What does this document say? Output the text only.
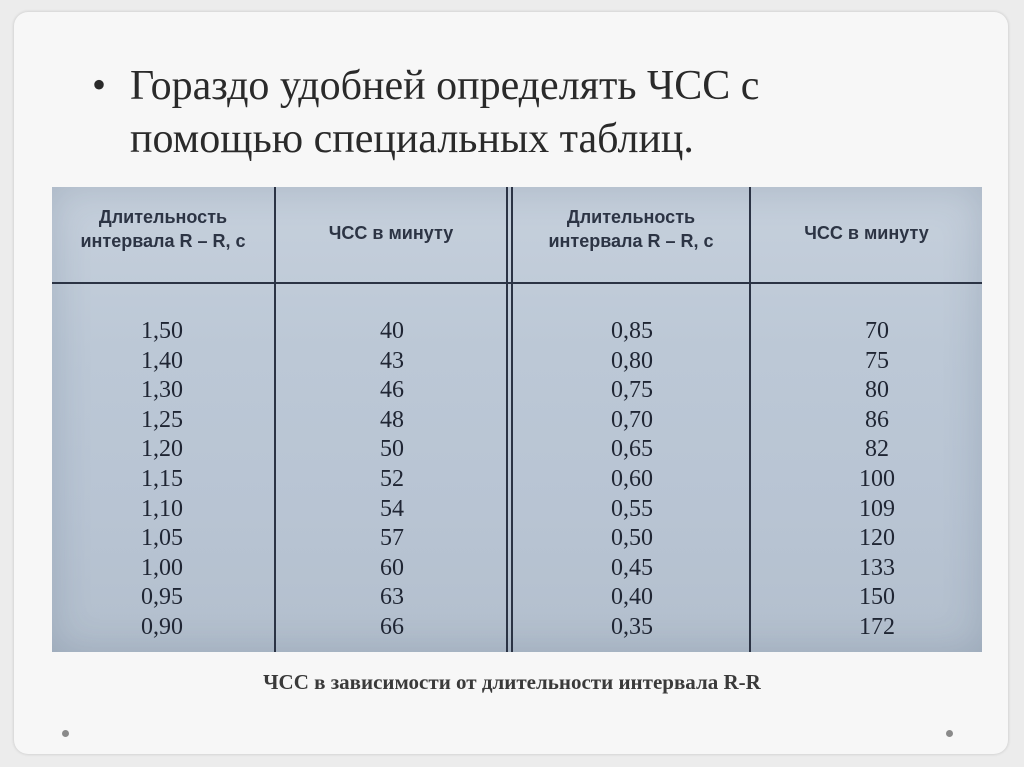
• Гораздо удобней определять ЧСС с
помощью специальных таблиц.
Длительность
интервала R – R, с	ЧСС в минуту
Длительность
интервала R – R, с	ЧСС в минуту
1,50
1,40
1,30
1,25
1,20
1,15
1,10
1,05
1,00
0,95
0,90
40
43
46
48
50
52
54
57
60
63
66
0,85
0,80
0,75
0,70
0,65
0,60
0,55
0,50
0,45
0,40
0,35
70
75
80
86
82
100
109
120
133
150
172
ЧСС в зависимости от длительности интервала R-R
